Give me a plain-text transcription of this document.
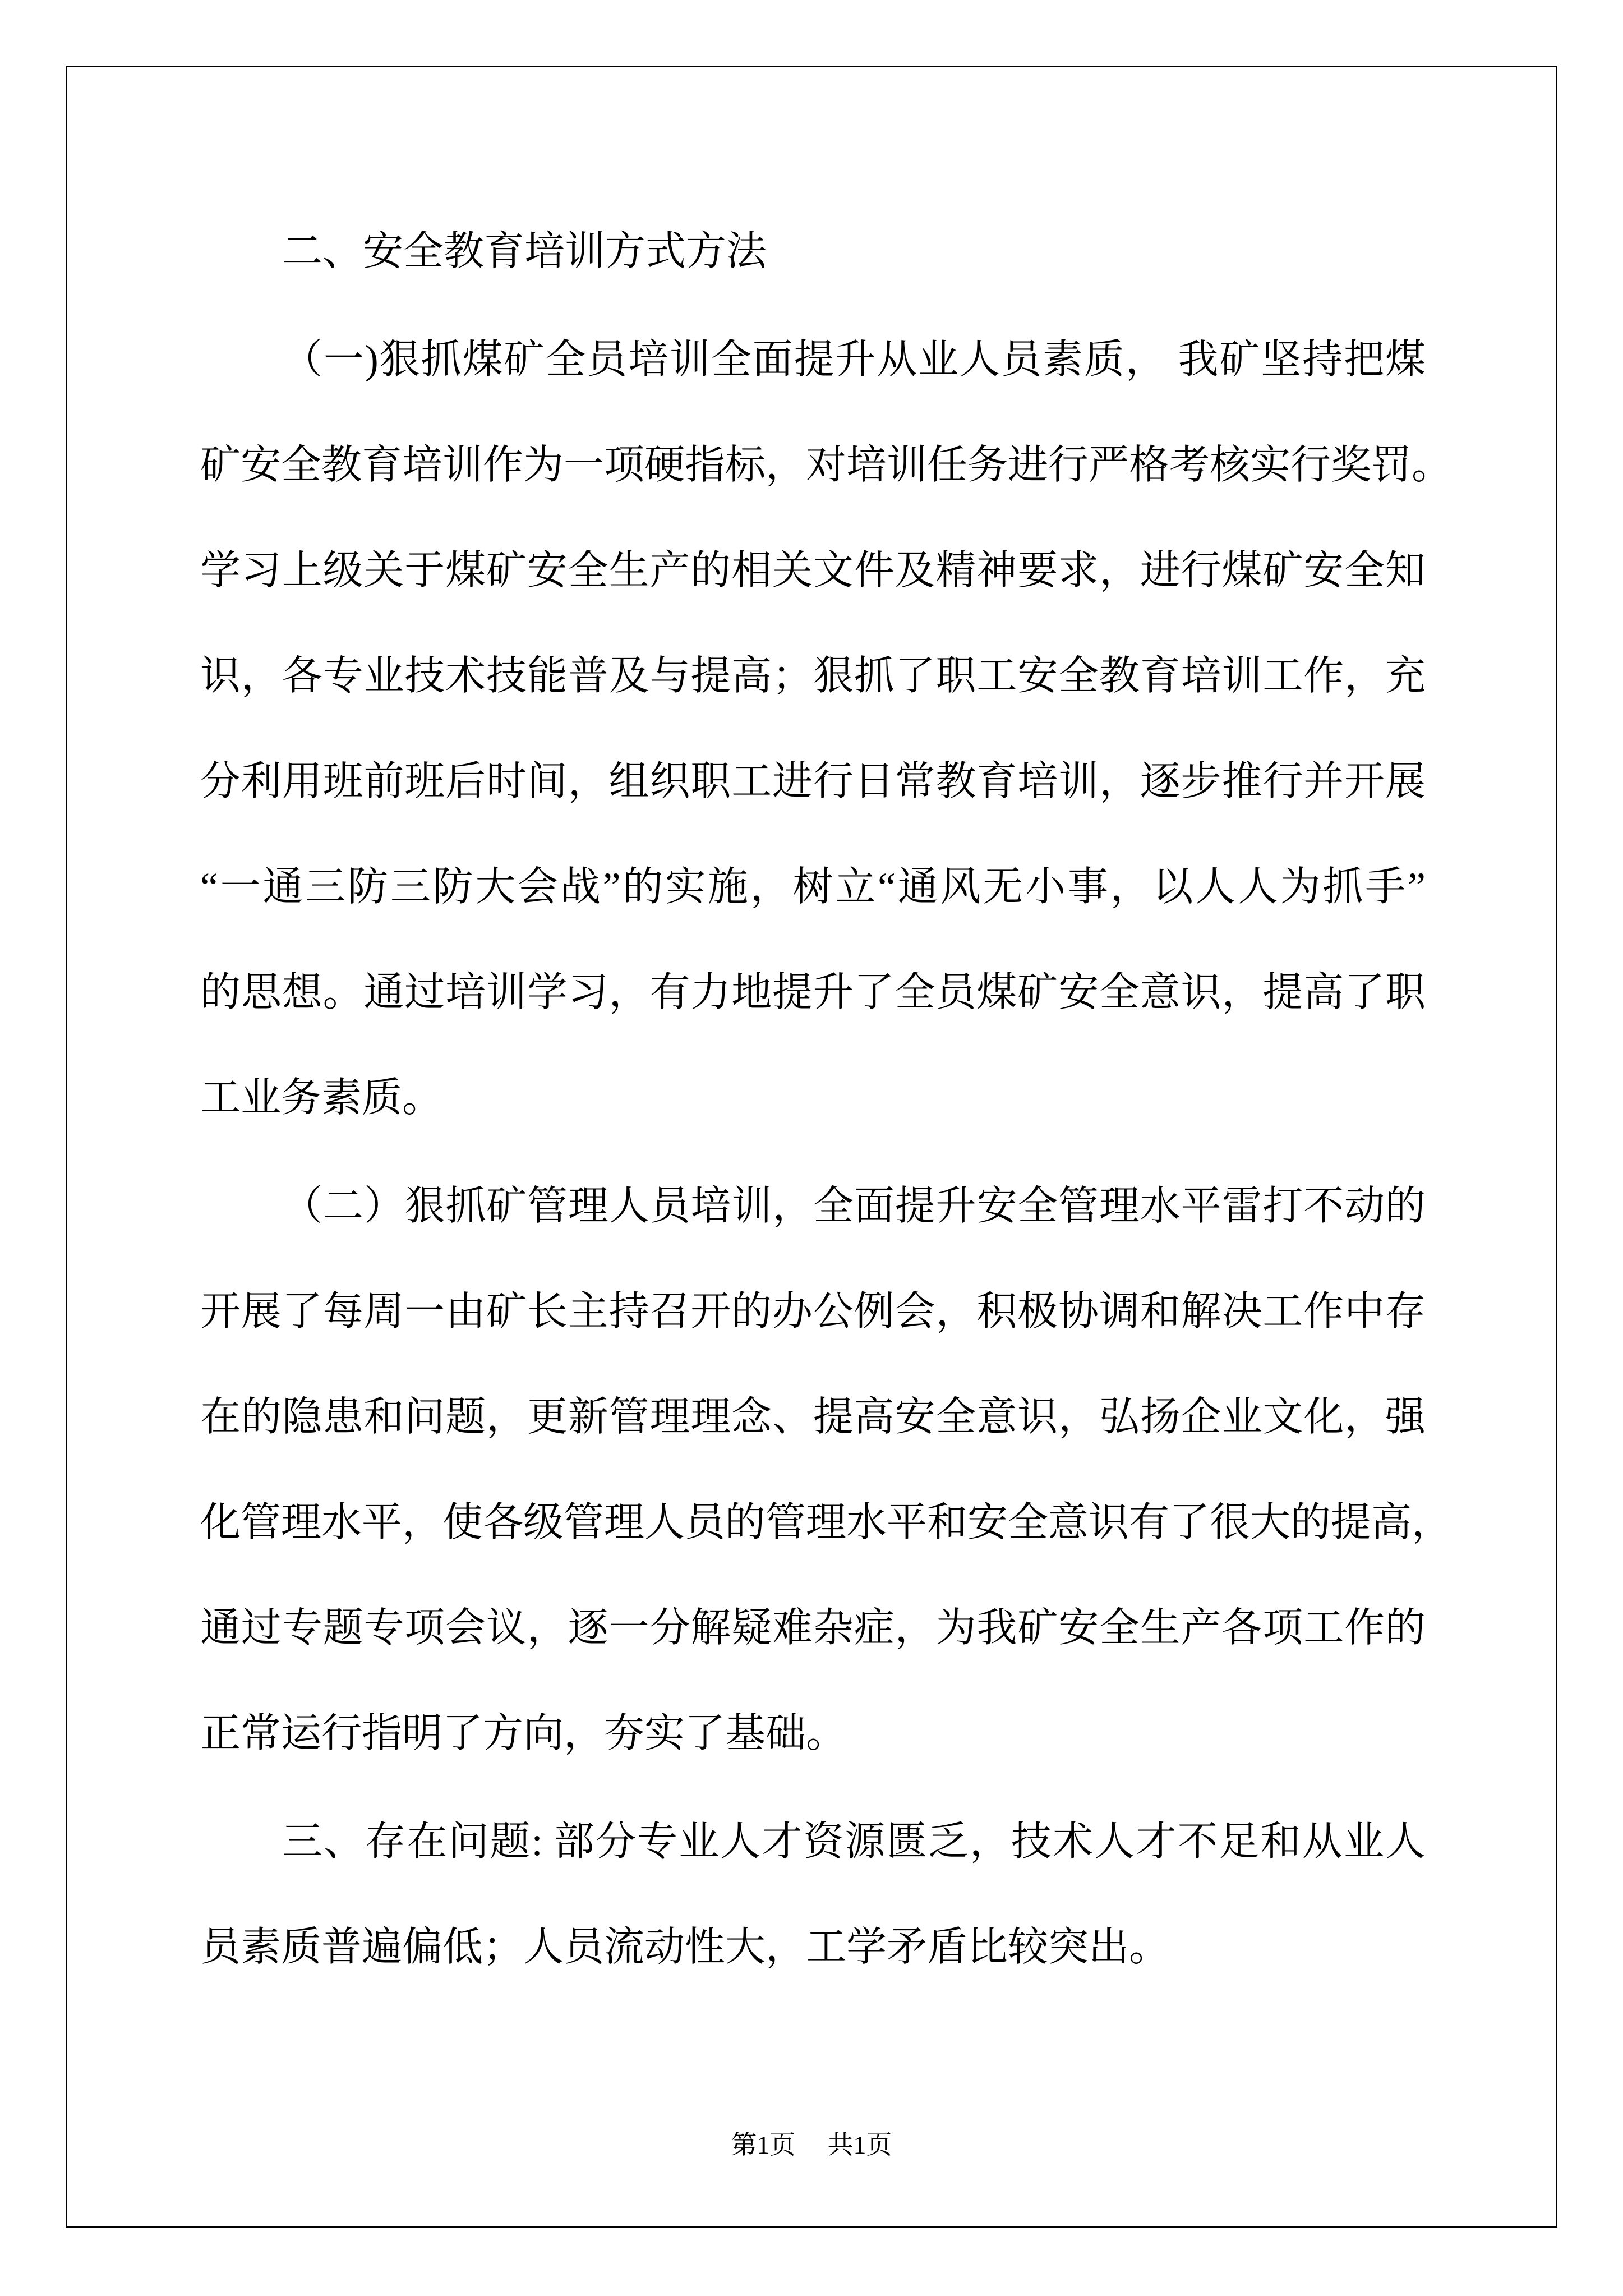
二、安全教育培训方式方法
（一)狠抓煤矿全员培训全面提升从业人员素质， 我矿坚持把煤
矿安全教育培训作为一项硬指标，对培训任务进行严格考核实行奖罚。
学习上级关于煤矿安全生产的相关文件及精神要求，进行煤矿安全知
识，各专业技术技能普及与提高；狠抓了职工安全教育培训工作，充
分利用班前班后时间，组织职工进行日常教育培训，逐步推行并开展
“一通三防三防大会战”的实施，树立“通风无小事，以人人为抓手”
的思想。通过培训学习，有力地提升了全员煤矿安全意识，提高了职
工业务素质。
（二）狠抓矿管理人员培训，全面提升安全管理水平雷打不动的
开展了每周一由矿长主持召开的办公例会，积极协调和解决工作中存
在的隐患和问题，更新管理理念、提高安全意识，弘扬企业文化，强
化管理水平，使各级管理人员的管理水平和安全意识有了很大的提高，
通过专题专项会议，逐一分解疑难杂症，为我矿安全生产各项工作的
正常运行指明了方向，夯实了基础。
三、存在问题: 部分专业人才资源匮乏，技术人才不足和从业人
员素质普遍偏低；人员流动性大，工学矛盾比较突出。
第1页 共1页
